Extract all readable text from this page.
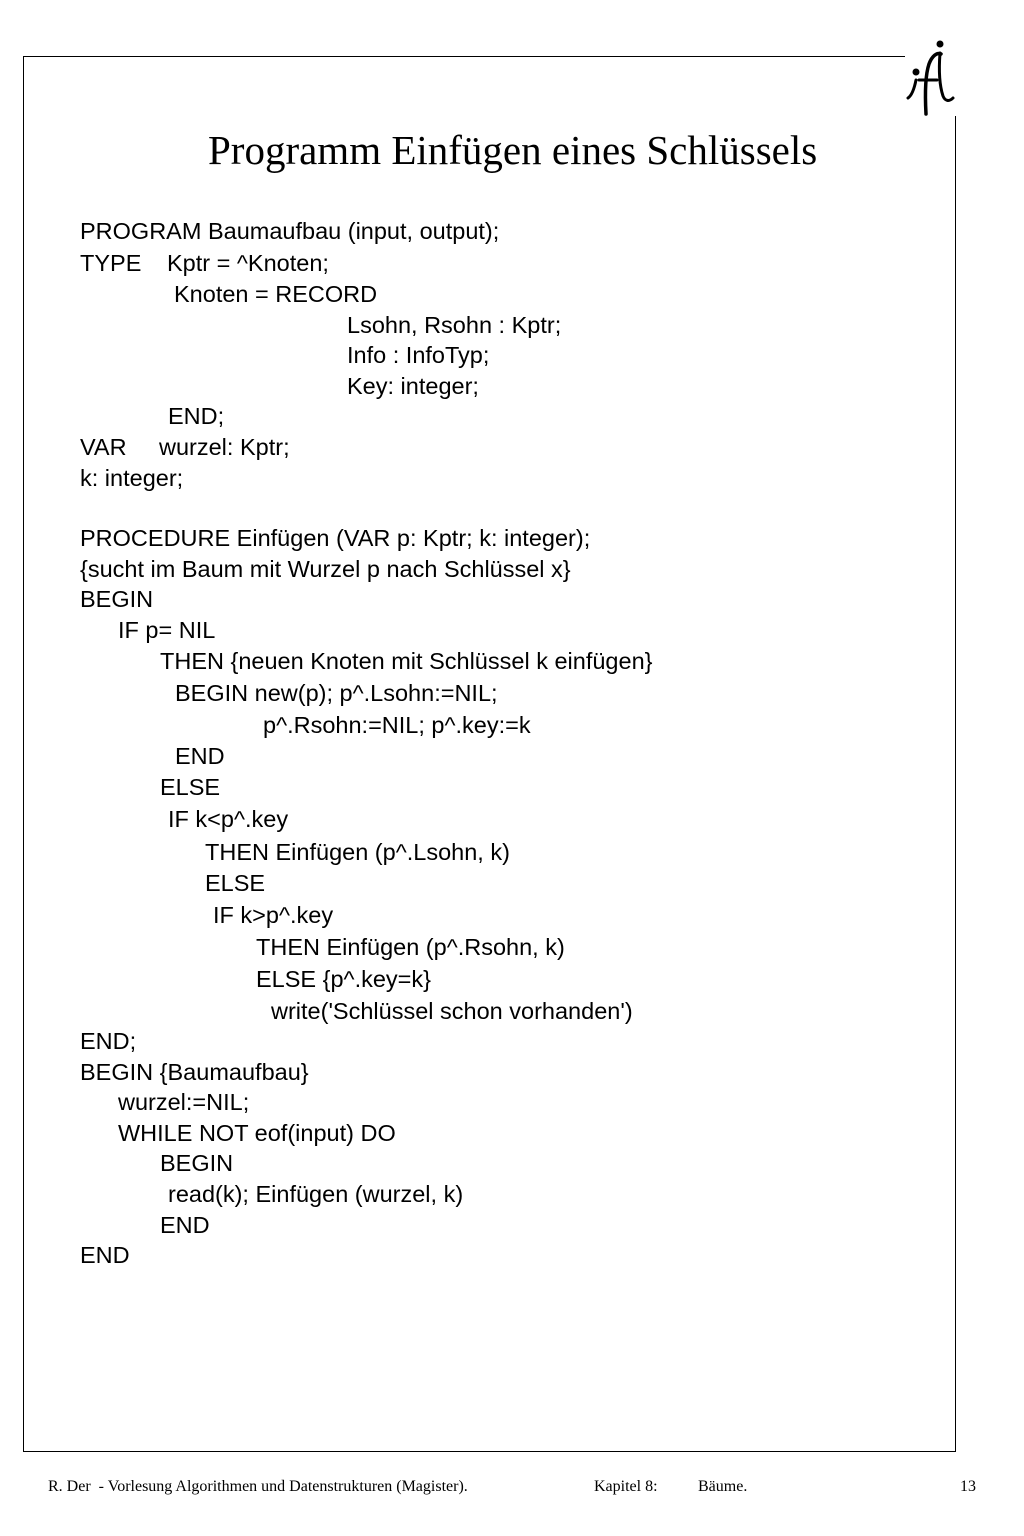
Programm Einfügen eines Schlüssels
PROGRAM Baumaufbau (input, output);
TYPE Kptr = ^Knoten;
Knoten = RECORD
Lsohn, Rsohn : Kptr;
Info : InfoTyp;
Key: integer;
END;
VAR wurzel: Kptr;
k: integer;
PROCEDURE Einfügen (VAR p: Kptr; k: integer);
{sucht im Baum mit Wurzel p nach Schlüssel x}
BEGIN
IF p= NIL
THEN {neuen Knoten mit Schlüssel k einfügen}
BEGIN new(p); p^.Lsohn:=NIL;
p^.Rsohn:=NIL; p^.key:=k
END
ELSE
IF k<p^.key
THEN Einfügen (p^.Lsohn, k)
ELSE
IF k>p^.key
THEN Einfügen (p^.Rsohn, k)
ELSE {p^.key=k}
write('Schlüssel schon vorhanden')
END;
BEGIN {Baumaufbau}
wurzel:=NIL;
WHILE NOT eof(input) DO
BEGIN
read(k); Einfügen (wurzel, k)
END
END
R. Der  - Vorlesung Algorithmen und Datenstrukturen (Magister).	Kapitel 8:	Bäume.	13
